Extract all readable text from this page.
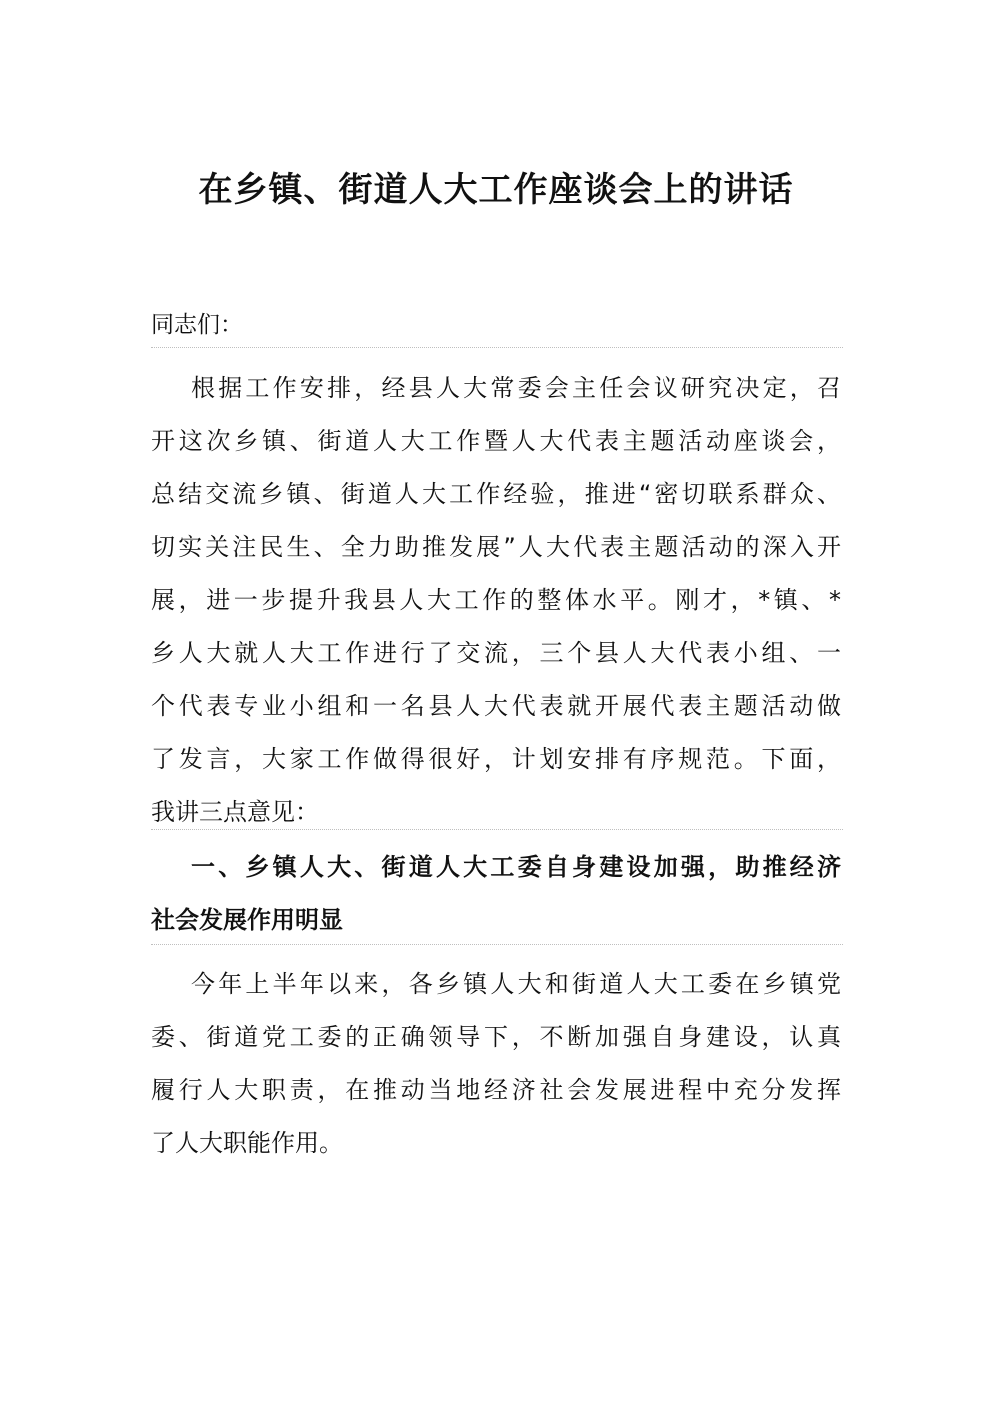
在乡镇、街道人大工作座谈会上的讲话
同志们：
根据工作安排，经县人大常委会主任会议研究决定，召
开这次乡镇、街道人大工作暨人大代表主题活动座谈会，
总结交流乡镇、街道人大工作经验，推进“密切联系群众、
切实关注民生、全力助推发展”人大代表主题活动的深入开
展，进一步提升我县人大工作的整体水平。刚才，*镇、*
乡人大就人大工作进行了交流，三个县人大代表小组、一
个代表专业小组和一名县人大代表就开展代表主题活动做
了发言，大家工作做得很好，计划安排有序规范。下面，
我讲三点意见：
一、乡镇人大、街道人大工委自身建设加强，助推经济
社会发展作用明显
今年上半年以来，各乡镇人大和街道人大工委在乡镇党
委、街道党工委的正确领导下，不断加强自身建设，认真
履行人大职责，在推动当地经济社会发展进程中充分发挥
了人大职能作用。
